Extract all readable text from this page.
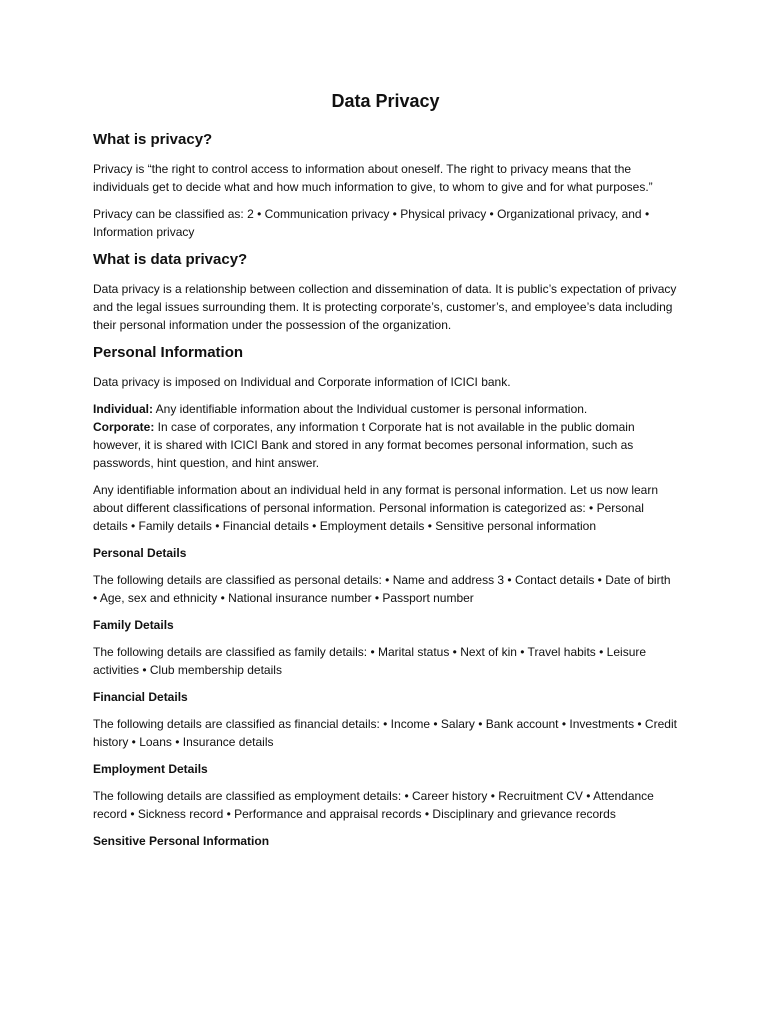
Data Privacy
What is privacy?
Privacy is “the right to control access to information about oneself. The right to privacy means that the individuals get to decide what and how much information to give, to whom to give and for what purposes.”
Privacy can be classified as: 2 • Communication privacy • Physical privacy • Organizational privacy, and • Information privacy
What is data privacy?
Data privacy is a relationship between collection and dissemination of data. It is public’s expectation of privacy and the legal issues surrounding them. It is protecting corporate’s, customer’s, and employee’s data including their personal information under the possession of the organization.
Personal Information
Data privacy is imposed on Individual and Corporate information of ICICI bank.
Individual: Any identifiable information about the Individual customer is personal information.
Corporate: In case of corporates, any information t Corporate hat is not available in the public domain however, it is shared with ICICI Bank and stored in any format becomes personal information, such as passwords, hint question, and hint answer.
Any identifiable information about an individual held in any format is personal information. Let us now learn about different classifications of personal information. Personal information is categorized as: • Personal details • Family details • Financial details • Employment details • Sensitive personal information
Personal Details
The following details are classified as personal details: • Name and address 3 • Contact details • Date of birth • Age, sex and ethnicity • National insurance number • Passport number
Family Details
The following details are classified as family details: • Marital status • Next of kin • Travel habits • Leisure activities • Club membership details
Financial Details
The following details are classified as financial details: • Income • Salary • Bank account • Investments • Credit history • Loans • Insurance details
Employment Details
The following details are classified as employment details: • Career history • Recruitment CV • Attendance record • Sickness record • Performance and appraisal records • Disciplinary and grievance records
Sensitive Personal Information
